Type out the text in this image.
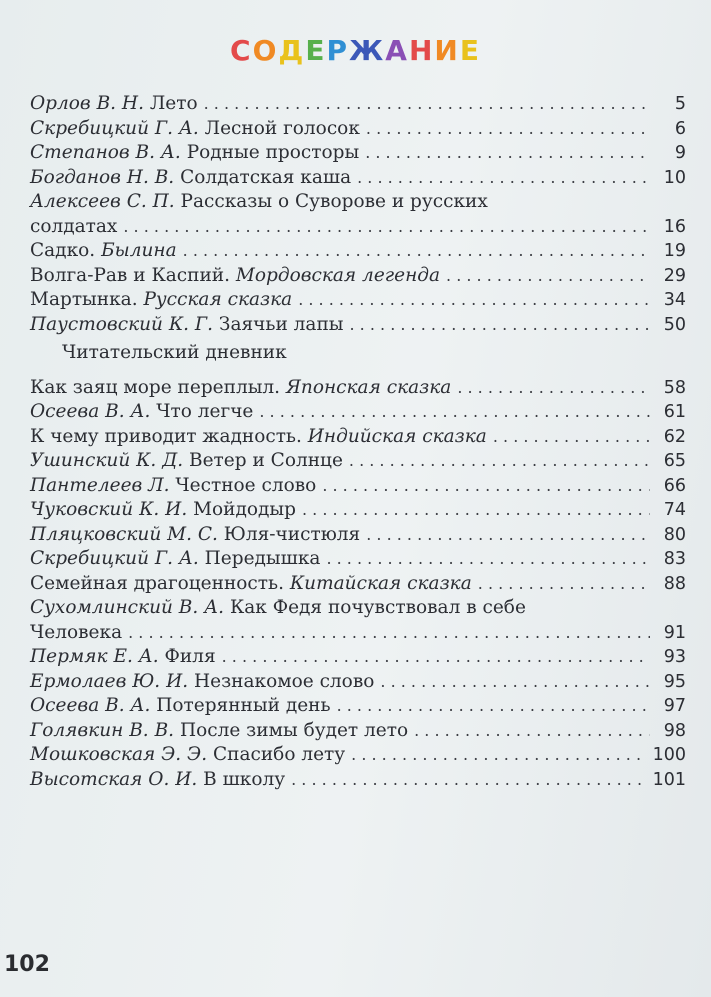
СОДЕРЖАНИЕ
Орлов В. Н. Лето . . .	5
Скребицкий Г. А. Лесной голосок . . .	6
Степанов В. А. Родные просторы . . .	9
Богданов Н. В. Солдатская каша . . .	10
Алексеев С. П. Рассказы о Суворове и русских
солдатах . . .	16
Садко. Былина . . .	19
Волга-Рав и Каспий. Мордовская легенда . . .	29
Мартынка. Русская сказка . . .	34
Паустовский К. Г. Заячьи лапы . . .	50
Читательский дневник
Как заяц море переплыл. Японская сказка . . .	58
Осеева В. А. Что легче . . .	61
К чему приводит жадность. Индийская сказка . . .	62
Ушинский К. Д. Ветер и Солнце . . .	65
Пантелеев Л. Честное слово . . .	66
Чуковский К. И. Мойдодыр . . .	74
Пляцковский М. С. Юля-чистюля . . .	80
Скребицкий Г. А. Передышка . . .	83
Семейная драгоценность. Китайская сказка . . .	88
Сухомлинский В. А. Как Федя почувствовал в себе
Человека . . .	91
Пермяк Е. А. Филя . . .	93
Ермолаев Ю. И. Незнакомое слово . . .	95
Осеева В. А. Потерянный день . . .	97
Голявкин В. В. После зимы будет лето . . .	98
Мошковская Э. Э. Спасибо лету . . .	100
Высотская О. И. В школу . . .	101
102
